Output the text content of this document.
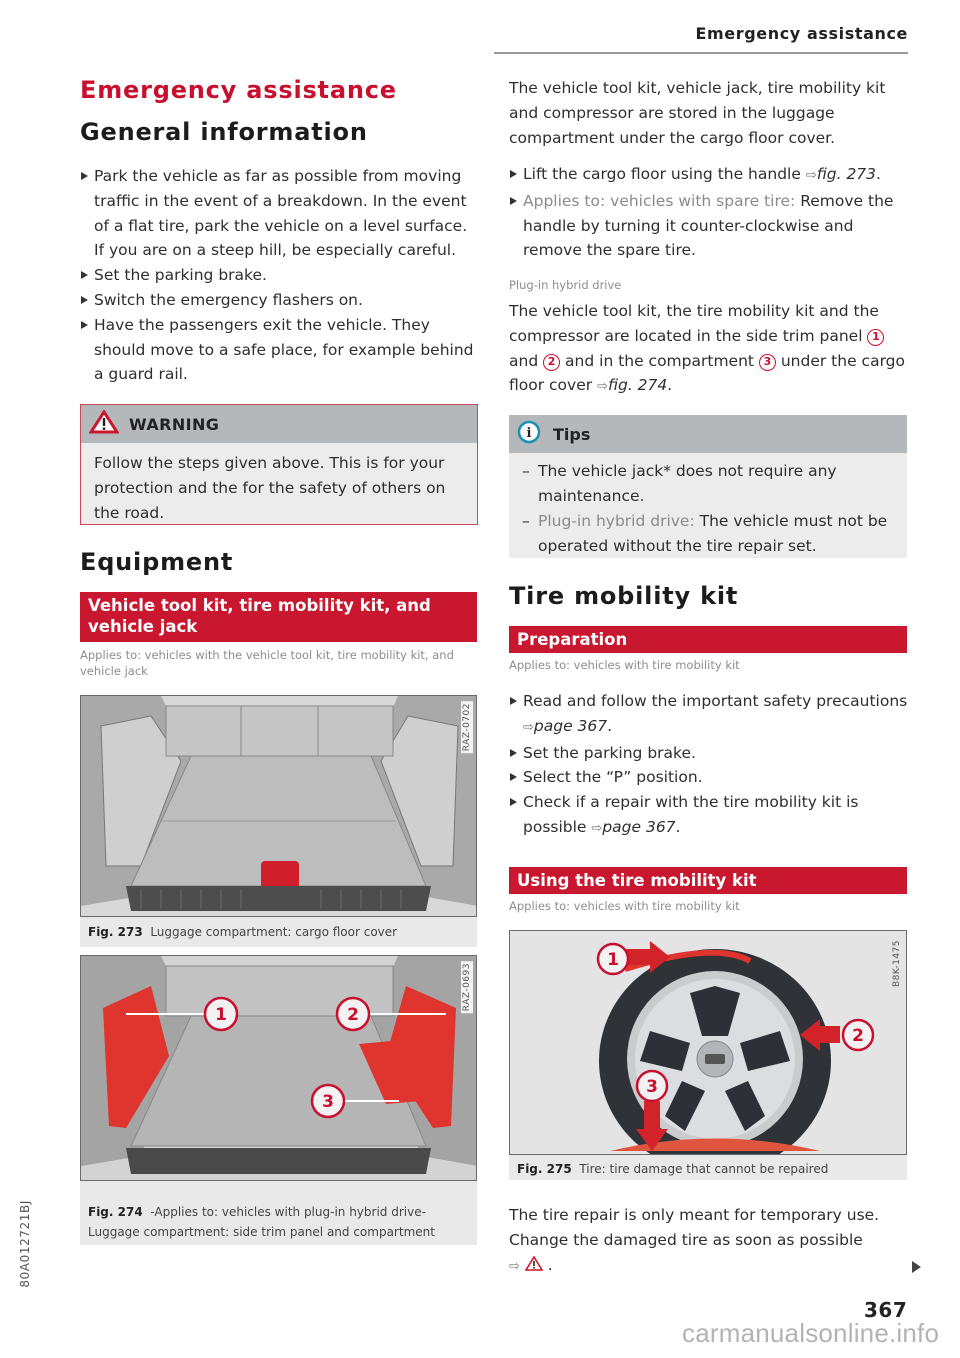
Emergency assistance
Emergency assistance
General information
Park the vehicle as far as possible from moving traffic in the event of a breakdown. In the event of a flat tire, park the vehicle on a level surface. If you are on a steep hill, be especially careful.
Set the parking brake.
Switch the emergency flashers on.
Have the passengers exit the vehicle. They should move to a safe place, for example behind a guard rail.
WARNING
Follow the steps given above. This is for your protection and the for the safety of others on the road.
Equipment
Vehicle tool kit, tire mobility kit, and vehicle jack
Applies to: vehicles with the vehicle tool kit, tire mobility kit, and vehicle jack
RAZ-0702
Fig. 273 Luggage compartment: cargo floor cover
1	2
3
RAZ-0693
Fig. 274 -Applies to: vehicles with plug-in hybrid drive-
Luggage compartment: side trim panel and compartment
The vehicle tool kit, vehicle jack, tire mobility kit and compressor are stored in the luggage compartment under the cargo floor cover.
Lift the cargo floor using the handle ⇨fig. 273.
Applies to: vehicles with spare tire: Remove the handle by turning it counter-clockwise and remove the spare tire.
Plug-in hybrid drive
The vehicle tool kit, the tire mobility kit and the compressor are located in the side trim panel 1 and 2 and in the compartment 3 under the cargo floor cover ⇨fig. 274.
i Tips
– The vehicle jack* does not require any maintenance.
– Plug-in hybrid drive: The vehicle must not be operated without the tire repair set.
Tire mobility kit
Preparation
Applies to: vehicles with tire mobility kit
Read and follow the important safety precautions ⇨page 367.
Set the parking brake.
Select the “P” position.
Check if a repair with the tire mobility kit is possible ⇨page 367.
Using the tire mobility kit
Applies to: vehicles with tire mobility kit
1
2
3
B8K-1475
Fig. 275 Tire: tire damage that cannot be repaired
The tire repair is only meant for temporary use. Change the damaged tire as soon as possible
⇨ .
367
carmanualsonline.info
80A012721BJ
